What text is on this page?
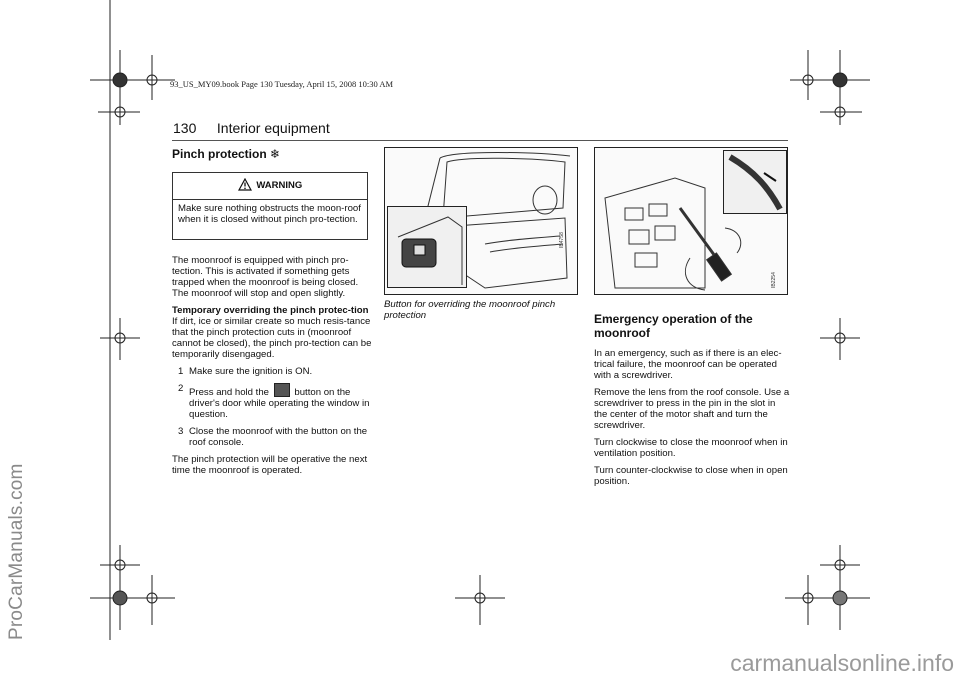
ProCarManuals.com
carmanualsonline.info
93_US_MY09.book Page 130 Tuesday, April 15, 2008 10:30 AM
130 Interior equipment
Pinch protection ❄
WARNING
Make sure nothing obstructs the moon-roof when it is closed without pinch pro-tection.

The moonroof is equipped with pinch pro-tection. This is activated if something gets trapped when the moonroof is being closed. The moonroof will stop and open slightly.

Temporary overriding the pinch protec-tion

If dirt, ice or similar create so much resis-tance that the pinch protection cuts in (moonroof cannot be closed), the pinch pro-tection can be temporarily disengaged.

1 Make sure the ignition is ON.
2 Press and hold the	button on the driver's door while operating the window in question.
3 Close the moonroof with the button on the roof console.

The pinch protection will be operative the next time the moonroof is operated.

IB4758
Button for overriding the moonroof pinch protection
IB2254
Emergency operation of the moonroof

In an emergency, such as if there is an elec-trical failure, the moonroof can be operated with a screwdriver.

Remove the lens from the roof console. Use a screwdriver to press in the pin in the slot in the center of the motor shaft and turn the screwdriver.

Turn clockwise to close the moonroof when in ventilation position.

Turn counter-clockwise to close when in open position.
